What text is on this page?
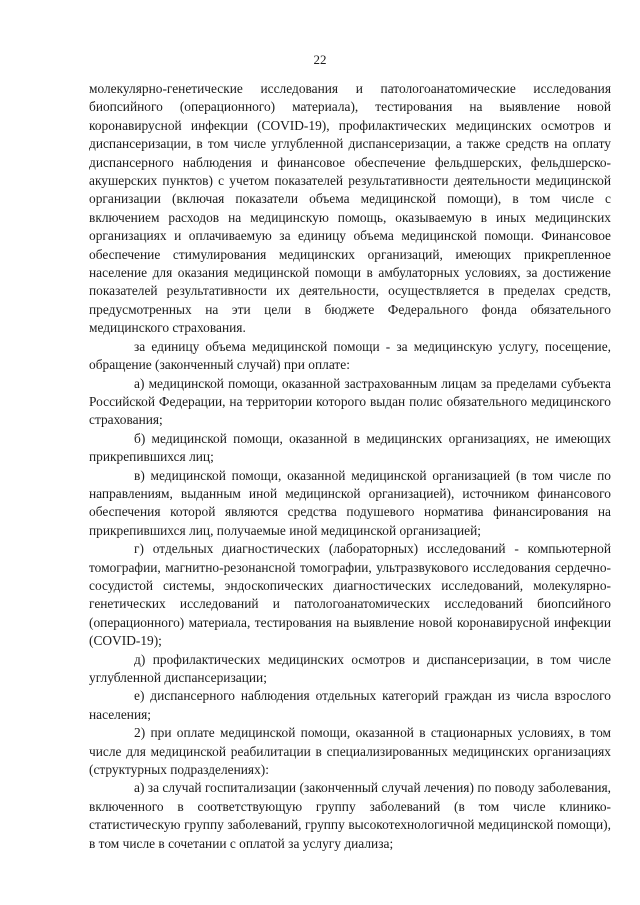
22

молекулярно-генетические исследования и патологоанатомические исследования биопсийного (операционного) материала), тестирования на выявление новой коронавирусной инфекции (COVID-19), профилактических медицинских осмотров и диспансеризации, в том числе углубленной диспансеризации, а также средств на оплату диспансерного наблюдения и финансовое обеспечение фельдшерских, фельдшерско-акушерских пунктов) с учетом показателей результативности деятельности медицинской организации (включая показатели объема медицинской помощи), в том числе с включением расходов на медицинскую помощь, оказываемую в иных медицинских организациях и оплачиваемую за единицу объема медицинской помощи. Финансовое обеспечение стимулирования медицинских организаций, имеющих прикрепленное население для оказания медицинской помощи в амбулаторных условиях, за достижение показателей результативности их деятельности, осуществляется в пределах средств, предусмотренных на эти цели в бюджете Федерального фонда обязательного медицинского страхования.

за единицу объема медицинской помощи - за медицинскую услугу, посещение, обращение (законченный случай) при оплате:

а) медицинской помощи, оказанной застрахованным лицам за пределами субъекта Российской Федерации, на территории которого выдан полис обязательного медицинского страхования;

б) медицинской помощи, оказанной в медицинских организациях, не имеющих прикрепившихся лиц;

в) медицинской помощи, оказанной медицинской организацией (в том числе по направлениям, выданным иной медицинской организацией), источником финансового обеспечения которой являются средства подушевого норматива финансирования на прикрепившихся лиц, получаемые иной медицинской организацией;

г) отдельных диагностических (лабораторных) исследований - компьютерной томографии, магнитно-резонансной томографии, ультразвукового исследования сердечно-сосудистой системы, эндоскопических диагностических исследований, молекулярно-генетических исследований и патологоанатомических исследований биопсийного (операционного) материала, тестирования на выявление новой коронавирусной инфекции (COVID-19);

д) профилактических медицинских осмотров и диспансеризации, в том числе углубленной диспансеризации;

е) диспансерного наблюдения отдельных категорий граждан из числа взрослого населения;

2) при оплате медицинской помощи, оказанной в стационарных условиях, в том числе для медицинской реабилитации в специализированных медицинских организациях (структурных подразделениях):

а) за случай госпитализации (законченный случай лечения) по поводу заболевания, включенного в соответствующую группу заболеваний (в том числе клинико-статистическую группу заболеваний, группу высокотехнологичной медицинской помощи), в том числе в сочетании с оплатой за услугу диализа;
